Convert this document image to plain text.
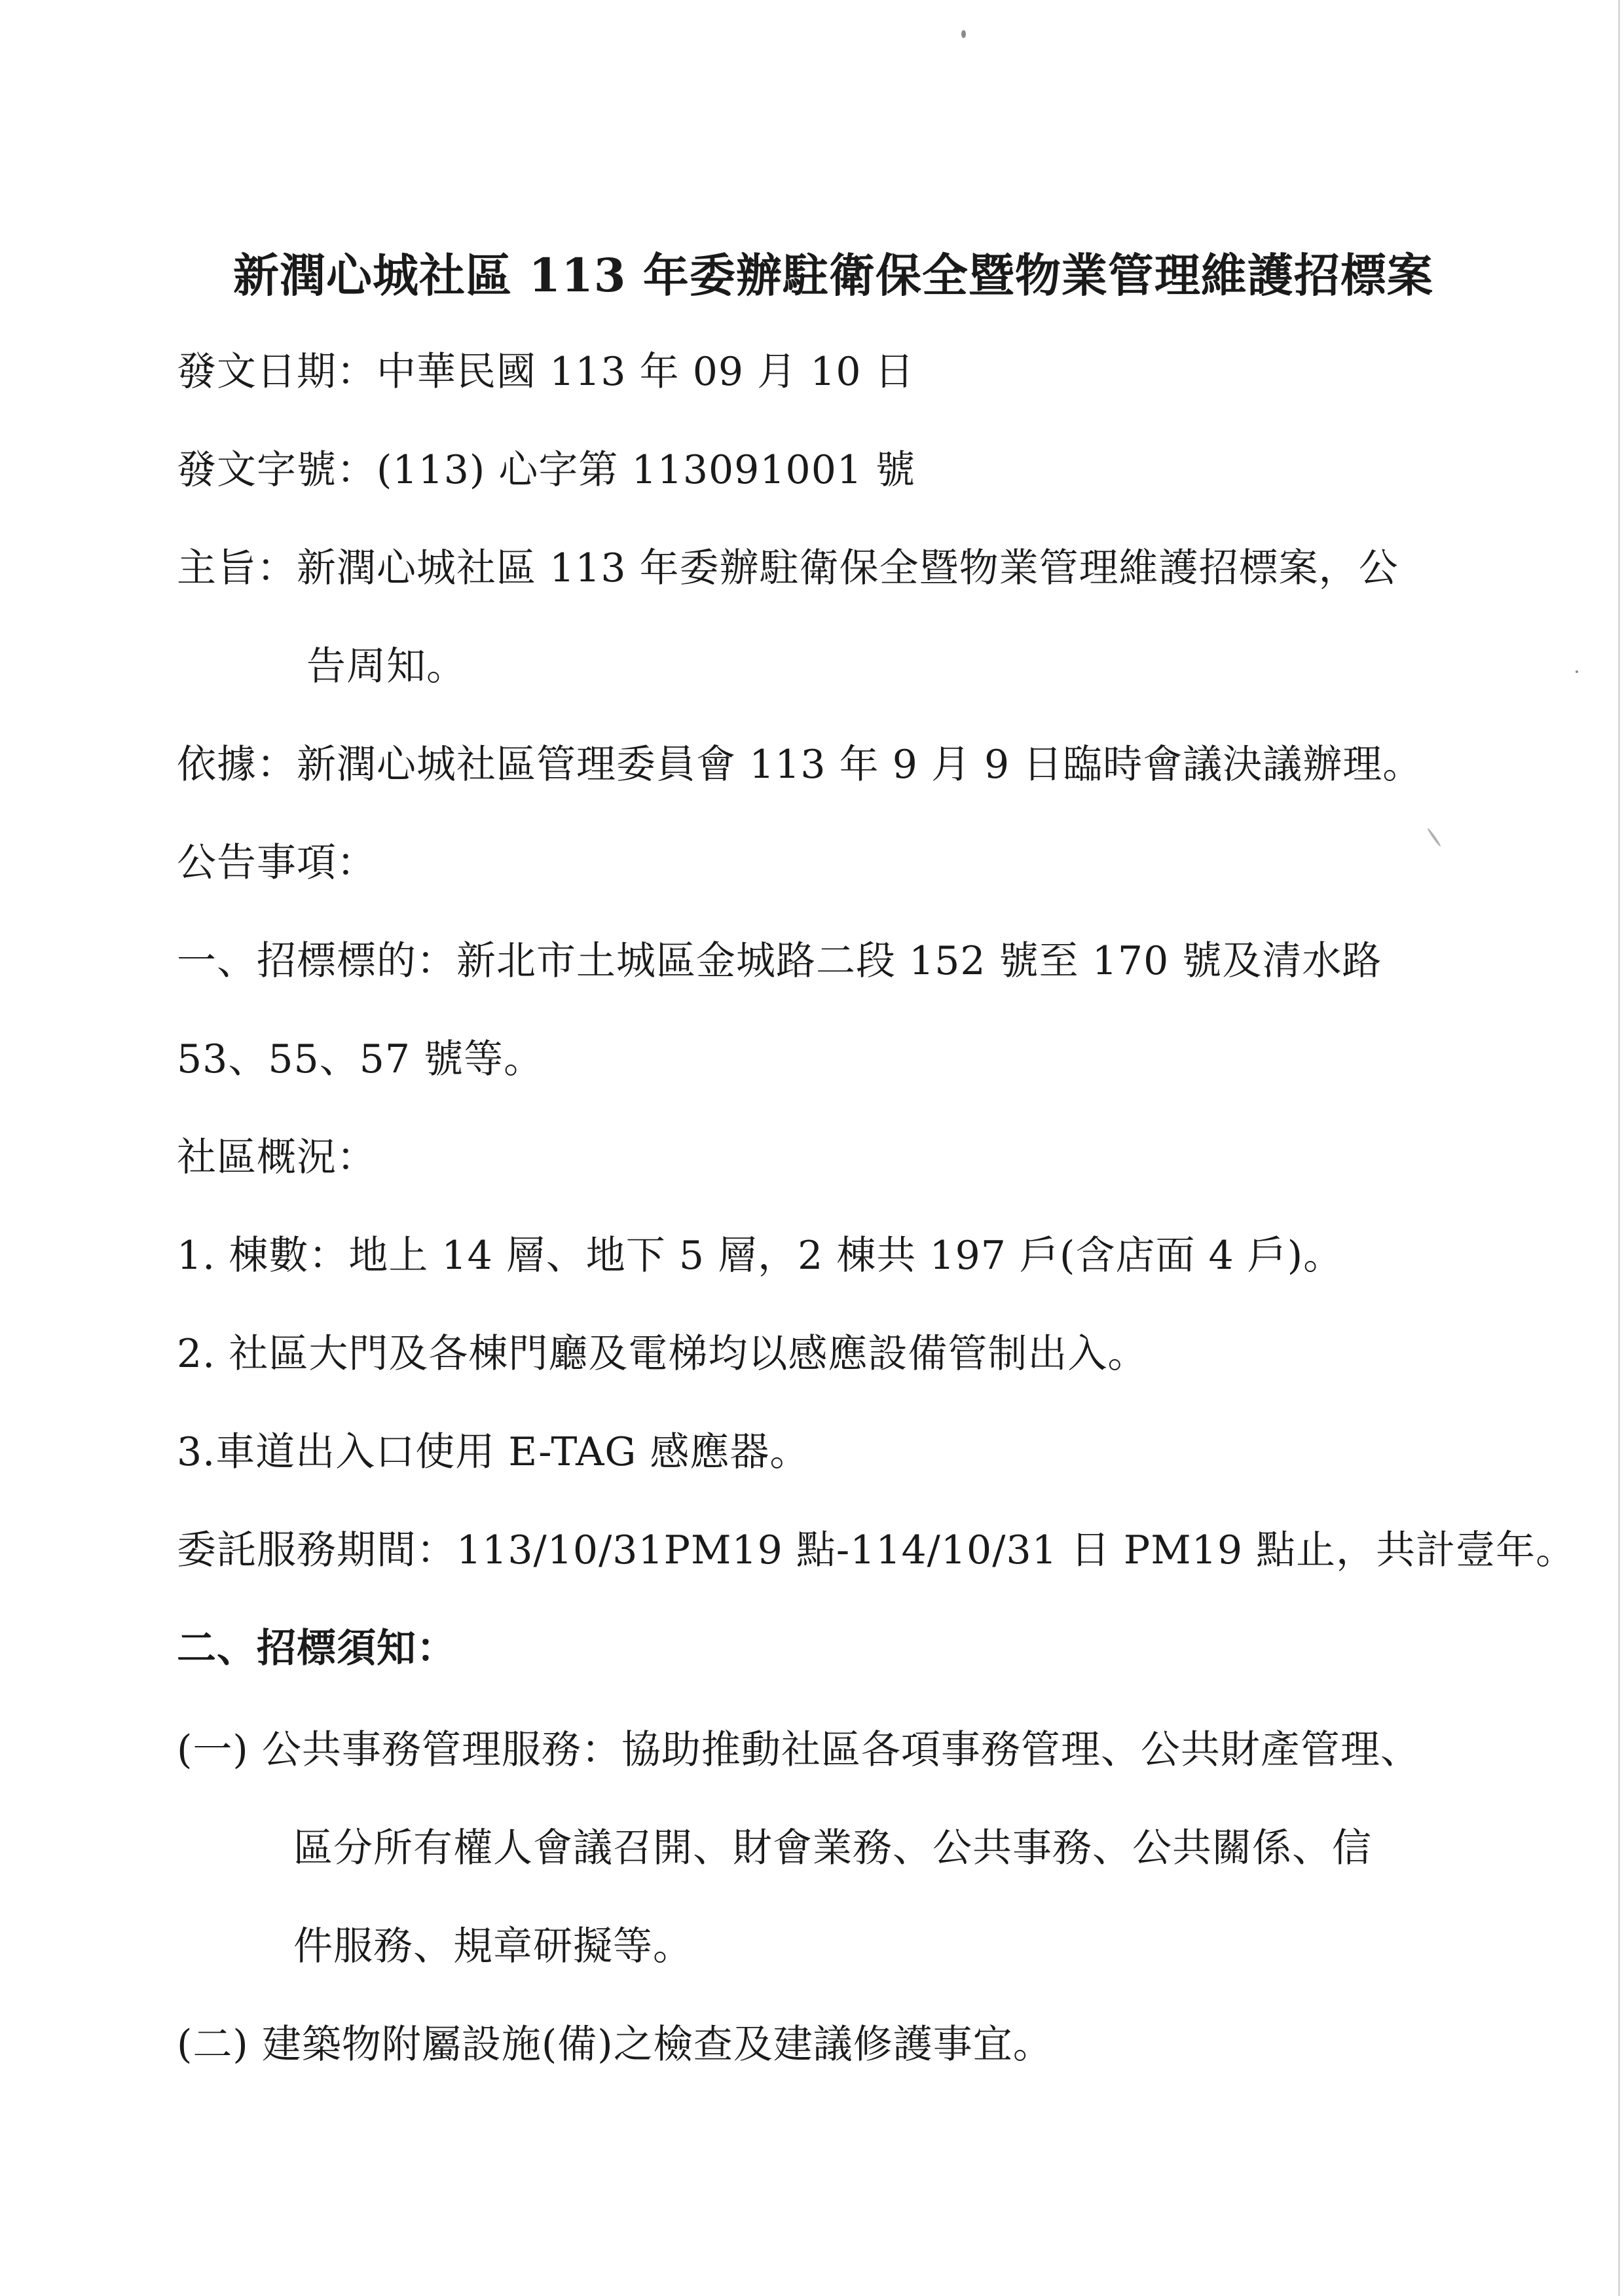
新潤心城社區 113 年委辦駐衛保全暨物業管理維護招標案
發文日期：中華民國 113 年 09 月 10 日
發文字號：(113) 心字第 113091001 號
主旨：新潤心城社區 113 年委辦駐衛保全暨物業管理維護招標案，公
告周知。
依據：新潤心城社區管理委員會 113 年 9 月 9 日臨時會議決議辦理。
公告事項：
一、招標標的：新北市土城區金城路二段 152 號至 170 號及清水路
53、55、57 號等。
社區概況：
1. 棟數：地上 14 層、地下 5 層，2 棟共 197 戶(含店面 4 戶)。
2. 社區大門及各棟門廳及電梯均以感應設備管制出入。
3.車道出入口使用 E-TAG 感應器。
委託服務期間：113/10/31PM19 點-114/10/31 日 PM19 點止，共計壹年。
二、招標須知：
(一) 公共事務管理服務：協助推動社區各項事務管理、公共財產管理、
區分所有權人會議召開、財會業務、公共事務、公共關係、信
件服務、規章研擬等。
(二) 建築物附屬設施(備)之檢查及建議修護事宜。
